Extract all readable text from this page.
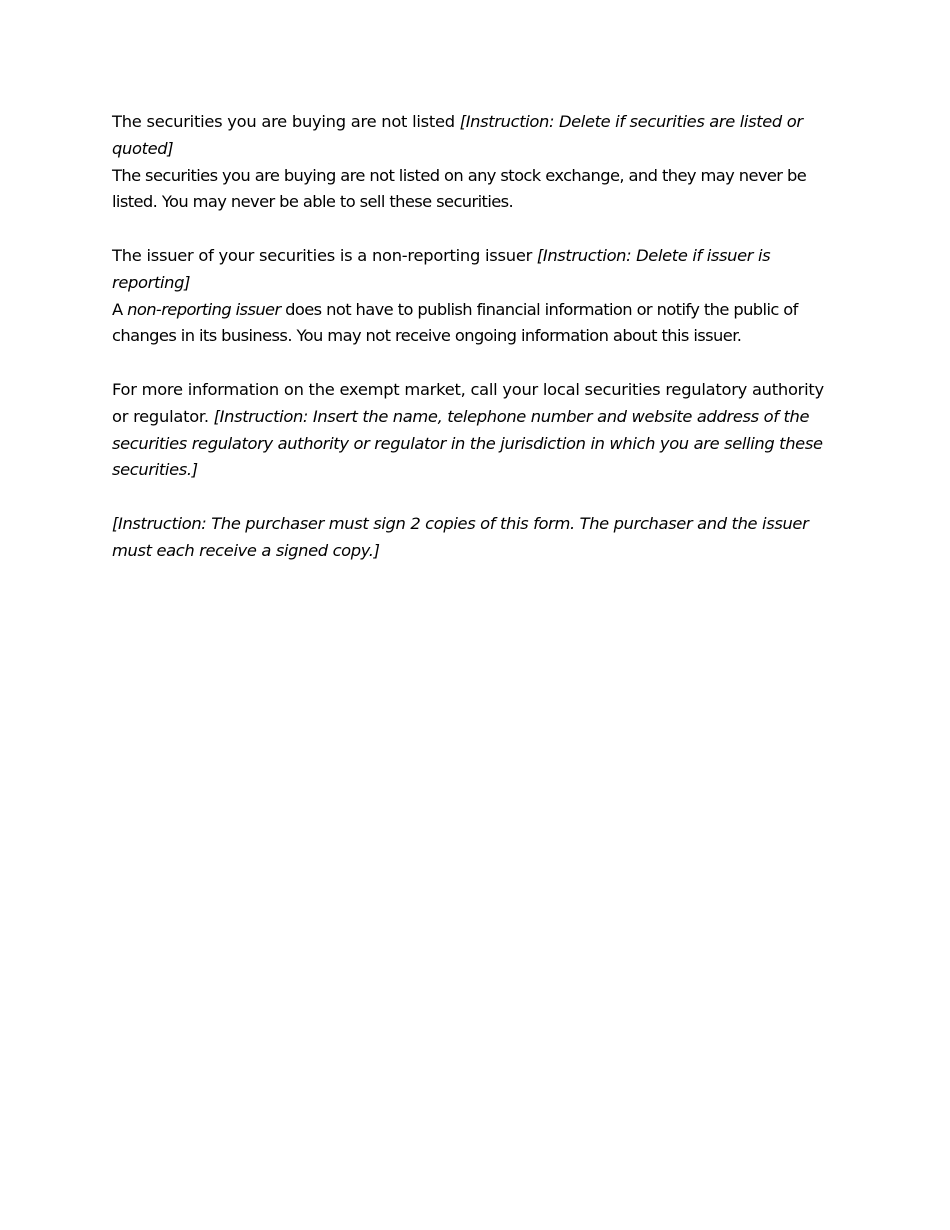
The securities you are buying are not listed [Instruction: Delete if securities are listed or quoted]

The securities you are buying are not listed on any stock exchange, and they may never be listed. You may never be able to sell these securities.

The issuer of your securities is a non-reporting issuer [Instruction: Delete if issuer is reporting]

A non-reporting issuer does not have to publish financial information or notify the public of changes in its business. You may not receive ongoing information about this issuer.

For more information on the exempt market, call your local securities regulatory authority or regulator. [Instruction: Insert the name, telephone number and website address of the securities regulatory authority or regulator in the jurisdiction in which you are selling these securities.]

[Instruction: The purchaser must sign 2 copies of this form. The purchaser and the issuer must each receive a signed copy.]
